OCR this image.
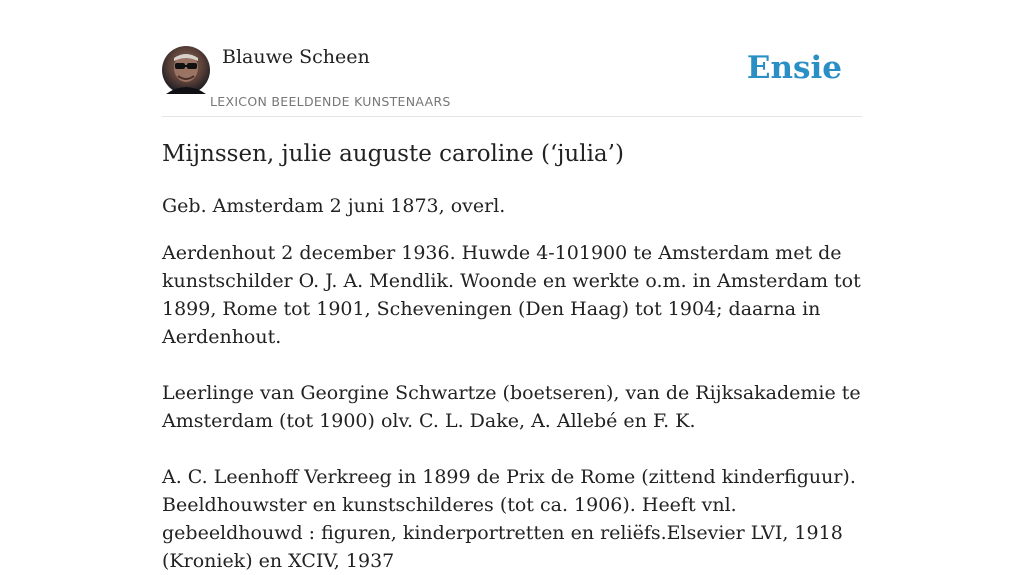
Blauwe Scheen
LEXICON BEELDENDE KUNSTENAARS
Ensie
Mijnssen, julie auguste caroline (‘julia’)

Geb. Amsterdam 2 juni 1873, overl.

Aerdenhout 2 december 1936. Huwde 4-101900 te Amsterdam met de kunstschilder O. J. A. Mendlik. Woonde en werkte o.m. in Amsterdam tot 1899, Rome tot 1901, Scheveningen (Den Haag) tot 1904; daarna in Aerdenhout.

Leerlinge van Georgine Schwartze (boetseren), van de Rijksakademie te Amsterdam (tot 1900) olv. C. L. Dake, A. Allebé en F. K.

A. C. Leenhoff Verkreeg in 1899 de Prix de Rome (zittend kinderfiguur). Beeldhouwster en kunstschilderes (tot ca. 1906). Heeft vnl. gebeeldhouwd : figuren, kinderportretten en reliëfs.Elsevier LVI, 1918 (Kroniek) en XCIV, 1937
